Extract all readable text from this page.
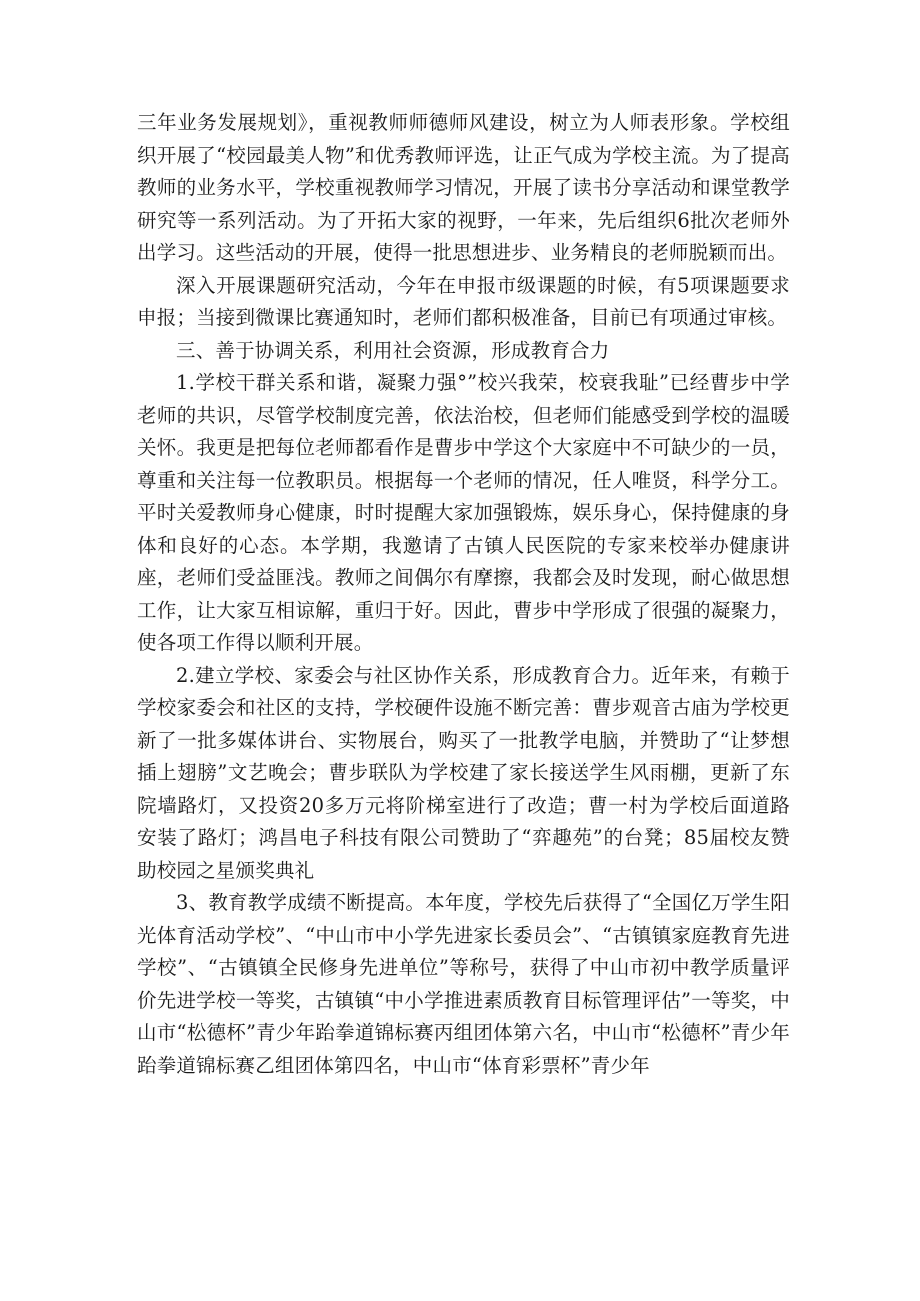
三年业务发展规划》，重视教师师德师风建设，树立为人师表形象。学校组织开展了“校园最美人物”和优秀教师评选，让正气成为学校主流。为了提高教师的业务水平，学校重视教师学习情况，开展了读书分享活动和课堂教学研究等一系列活动。为了开拓大家的视野，一年来，先后组织6批次老师外出学习。这些活动的开展，使得一批思想进步、业务精良的老师脱颖而出。

深入开展课题研究活动，今年在申报市级课题的时候，有5项课题要求申报；当接到微课比赛通知时，老师们都积极准备，目前已有项通过审核。

三、善于协调关系，利用社会资源，形成教育合力

1.学校干群关系和谐，凝聚力强°”校兴我荣，校衰我耻”已经曹步中学老师的共识，尽管学校制度完善，依法治校，但老师们能感受到学校的温暖关怀。我更是把每位老师都看作是曹步中学这个大家庭中不可缺少的一员，尊重和关注每一位教职员。根据每一个老师的情况，任人唯贤，科学分工。平时关爱教师身心健康，时时提醒大家加强锻炼，娱乐身心，保持健康的身体和良好的心态。本学期，我邀请了古镇人民医院的专家来校举办健康讲座，老师们受益匪浅。教师之间偶尔有摩擦，我都会及时发现，耐心做思想工作，让大家互相谅解，重归于好。因此，曹步中学形成了很强的凝聚力，使各项工作得以顺利开展。

2.建立学校、家委会与社区协作关系，形成教育合力。近年来，有赖于学校家委会和社区的支持，学校硬件设施不断完善：曹步观音古庙为学校更新了一批多媒体讲台、实物展台，购买了一批教学电脑，并赞助了“让梦想插上翅膀”文艺晚会；曹步联队为学校建了家长接送学生风雨棚，更新了东院墙路灯，又投资20多万元将阶梯室进行了改造；曹一村为学校后面道路安装了路灯；鸿昌电子科技有限公司赞助了“弈趣苑”的台凳；85届校友赞助校园之星颁奖典礼

3、教育教学成绩不断提高。本年度，学校先后获得了“全国亿万学生阳光体育活动学校”、“中山市中小学先进家长委员会”、“古镇镇家庭教育先进学校”、“古镇镇全民修身先进单位”等称号，获得了中山市初中教学质量评价先进学校一等奖，古镇镇“中小学推进素质教育目标管理评估”一等奖，中山市“松德杯”青少年跆拳道锦标赛丙组团体第六名，中山市“松德杯”青少年跆拳道锦标赛乙组团体第四名，中山市“体育彩票杯”青少年
